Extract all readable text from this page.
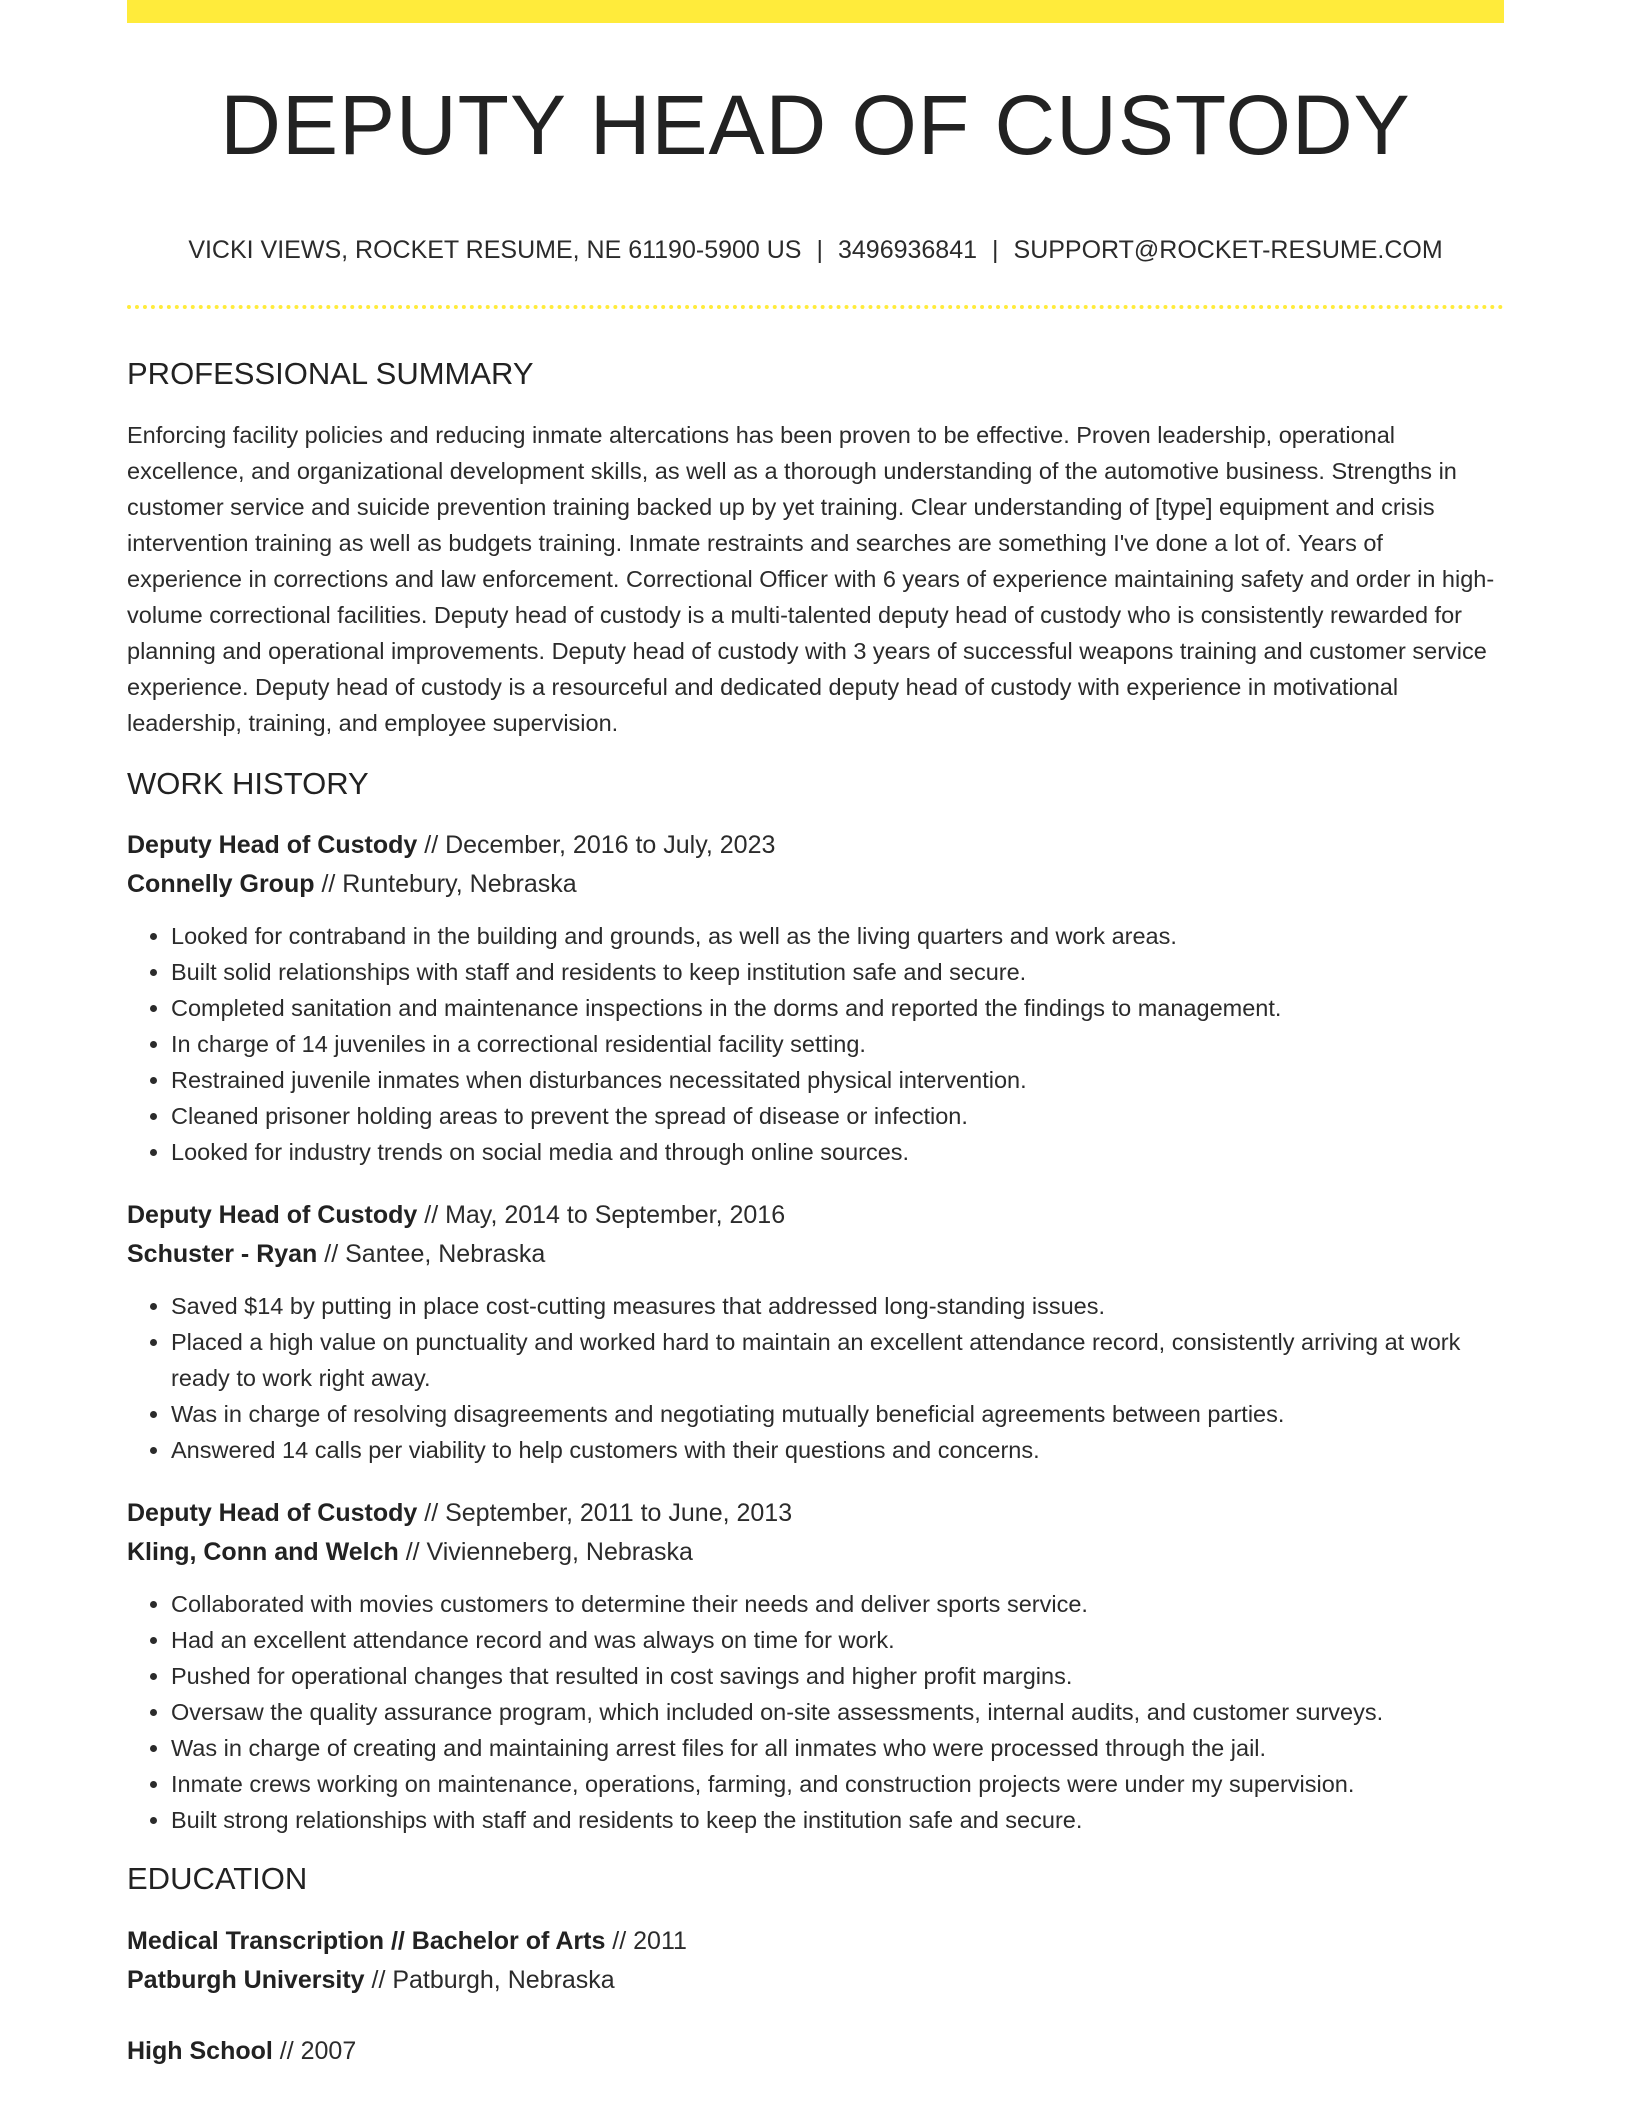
DEPUTY HEAD OF CUSTODY
VICKI VIEWS, ROCKET RESUME, NE 61190-5900 US | 3496936841 | SUPPORT@ROCKET-RESUME.COM
PROFESSIONAL SUMMARY
Enforcing facility policies and reducing inmate altercations has been proven to be effective. Proven leadership, operational excellence, and organizational development skills, as well as a thorough understanding of the automotive business. Strengths in customer service and suicide prevention training backed up by yet training. Clear understanding of [type] equipment and crisis intervention training as well as budgets training. Inmate restraints and searches are something I've done a lot of. Years of experience in corrections and law enforcement. Correctional Officer with 6 years of experience maintaining safety and order in high-volume correctional facilities. Deputy head of custody is a multi-talented deputy head of custody who is consistently rewarded for planning and operational improvements. Deputy head of custody with 3 years of successful weapons training and customer service experience. Deputy head of custody is a resourceful and dedicated deputy head of custody with experience in motivational leadership, training, and employee supervision.
WORK HISTORY
Deputy Head of Custody // December, 2016 to July, 2023
Connelly Group // Runtebury, Nebraska
• Looked for contraband in the building and grounds, as well as the living quarters and work areas.
• Built solid relationships with staff and residents to keep institution safe and secure.
• Completed sanitation and maintenance inspections in the dorms and reported the findings to management.
• In charge of 14 juveniles in a correctional residential facility setting.
• Restrained juvenile inmates when disturbances necessitated physical intervention.
• Cleaned prisoner holding areas to prevent the spread of disease or infection.
• Looked for industry trends on social media and through online sources.
Deputy Head of Custody // May, 2014 to September, 2016
Schuster - Ryan // Santee, Nebraska
• Saved $14 by putting in place cost-cutting measures that addressed long-standing issues.
• Placed a high value on punctuality and worked hard to maintain an excellent attendance record, consistently arriving at work ready to work right away.
• Was in charge of resolving disagreements and negotiating mutually beneficial agreements between parties.
• Answered 14 calls per viability to help customers with their questions and concerns.
Deputy Head of Custody // September, 2011 to June, 2013
Kling, Conn and Welch // Vivienneberg, Nebraska
• Collaborated with movies customers to determine their needs and deliver sports service.
• Had an excellent attendance record and was always on time for work.
• Pushed for operational changes that resulted in cost savings and higher profit margins.
• Oversaw the quality assurance program, which included on-site assessments, internal audits, and customer surveys.
• Was in charge of creating and maintaining arrest files for all inmates who were processed through the jail.
• Inmate crews working on maintenance, operations, farming, and construction projects were under my supervision.
• Built strong relationships with staff and residents to keep the institution safe and secure.
EDUCATION
Medical Transcription // Bachelor of Arts // 2011
Patburgh University // Patburgh, Nebraska
High School // 2007
